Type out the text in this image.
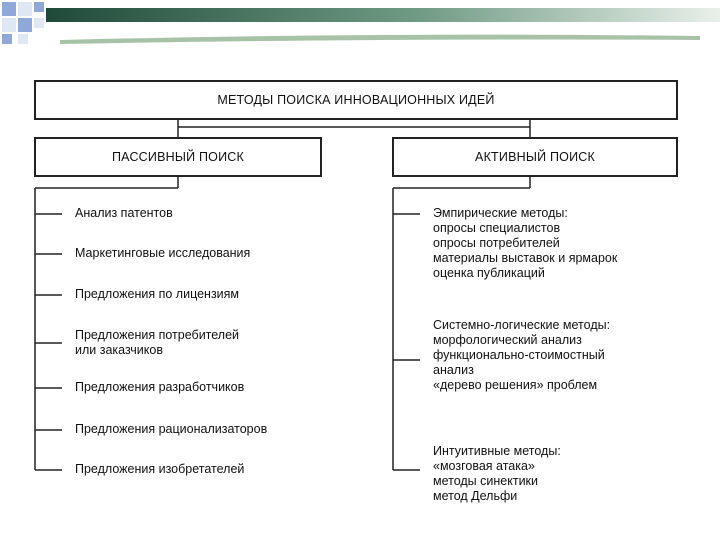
МЕТОДЫ ПОИСКА ИННОВАЦИОННЫХ ИДЕЙ
ПАССИВНЫЙ ПОИСК	АКТИВНЫЙ ПОИСК
Анализ патентов
Маркетинговые исследования
Предложения по лицензиям
Предложения потребителей
или заказчиков
Предложения разработчиков
Предложения рационализаторов
Предложения изобретателей
Эмпирические методы:
опросы специалистов
опросы потребителей
материалы выставок и ярмарок
оценка публикаций
Системно-логические методы:
морфологический анализ
функционально-стоимостный
анализ
«дерево решения» проблем
Интуитивные методы:
«мозговая атака»
методы синектики
метод Дельфи
